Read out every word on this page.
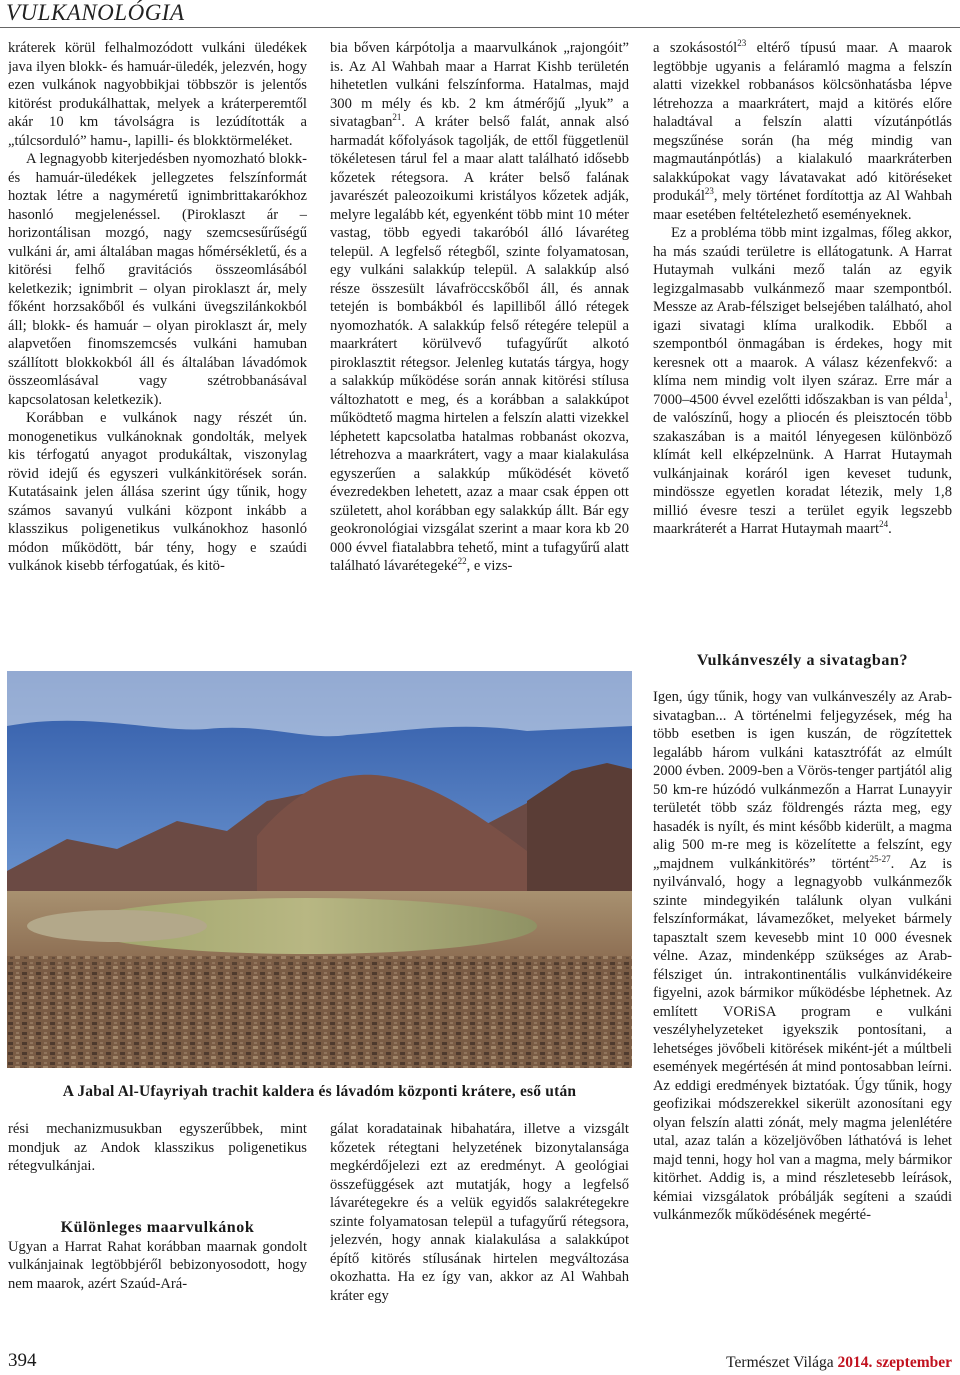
VULKANOLÓGIA

kráterek körül felhalmozódott vulkáni üledékek java ilyen blokk- és hamuár-üledék, jelezvén, hogy ezen vulkánok nagyobbikjai többször is jelentős kitörést produkálhattak, melyek a kráterperemtől akár 10 km távolságra is lezúdították a „túlcsorduló” hamu-, lapilli- és blokktörmeléket.

A legnagyobb kiterjedésben nyomozható blokk- és hamuár-üledékek jellegzetes felszínformát hoztak létre a nagyméretű ignimbrittakarókhoz hasonló megjelenéssel. (Piroklaszt ár – horizontálisan mozgó, nagy szemcsesűrűségű vulkáni ár, ami általában magas hőmérsékletű, és a kitörési felhő gravitációs összeomlásából keletkezik; ignimbrit – olyan piroklaszt ár, mely főként horzsakőből és vulkáni üvegszilánkokból áll; blokk- és hamuár – olyan piroklaszt ár, mely alapvetően finomszemcsés vulkáni hamuban szállított blokkokból áll és általában lávadómok összeomlásával vagy szétrobbanásával kapcsolatosan keletkezik).

Korábban e vulkánok nagy részét ún. monogenetikus vulkánoknak gondolták, melyek kis térfogatú anyagot produkáltak, viszonylag rövid idejű és egyszeri vulkánkitörések során. Kutatásaink jelen állása szerint úgy tűnik, hogy számos savanyú vulkáni központ inkább a klasszikus poligenetikus vulkánokhoz hasonló módon működött, bár tény, hogy e szaúdi vulkánok kisebb térfogatúak, és kitö-

bia bőven kárpótolja a maarvulkánok „rajongóit” is. Az Al Wahbah maar a Harrat Kishb területén hihetetlen vulkáni felszínforma. Hatalmas, majd 300 m mély és kb. 2 km átmérőjű „lyuk” a sivatagban$^{21}$. A kráter belső falát, annak alsó harmadát kőfolyások tagolják, de ettől függetlenül tökéletesen tárul fel a maar alatt található idősebb kőzetek rétegsora. A kráter belső falának javarészét paleozoikumi kristályos kőzetek adják, melyre legalább két, egyenként több mint 10 méter vastag, több egyedi takaróból álló lávaréteg települ. A legfelső rétegből, szinte folyamatosan, egy vulkáni salakkúp települ. A salakkúp alsó része összesült lávafröccskőből áll, és annak tetején is bombákból és lapilliből álló rétegek nyomozhatók. A salakkúp felső rétegére települ a maarkrátert körülvevő tufagyűrűt alkotó piroklasztit rétegsor. Jelenleg kutatás tárgya, hogy a salakkúp működése során annak kitörési stílusa változhatott e meg, és a korábban a salakkúpot működtető magma hirtelen a felszín alatti vizekkel léphetett kapcsolatba hatalmas robbanást okozva, létrehozva a maarkrátert, vagy a maar kialakulása egyszerűen a salakkúp működését követő évezredekben lehetett, azaz a maar csak éppen ott született, ahol korábban egy salakkúp állt. Bár egy geokronológiai vizsgálat szerint a maar kora kb 20 000 évvel fiatalabbra tehető, mint a tufagyűrű alatt található lávarétegeké$^{22}$, e vizs-

a szokásostól$^{23}$ eltérő típusú maar. A maarok legtöbbje ugyanis a feláramló magma a felszín alatti vizekkel robbanásos kölcsönhatásba lépve létrehozza a maarkrátert, majd a kitörés előre haladtával a felszín alatti vízutánpótlás megszűnése során (ha még mindig van magmautánpótlás) a kialakuló maarkráterben salakkúpokat vagy lávatavakat adó kitöréseket produkál$^{23}$, mely történet fordítottja az Al Wahbah maar esetében feltételezhető eseményeknek.

Ez a probléma több mint izgalmas, főleg akkor, ha más szaúdi területre is ellátogatunk. A Harrat Hutaymah vulkáni mező talán az egyik legizgalmasabb vulkánmező maar szempontból. Messze az Arab-félsziget belsejében található, ahol igazi sivatagi klíma uralkodik. Ebből a szempontból önmagában is érdekes, hogy mit keresnek ott a maarok. A válasz kézenfekvő: a klíma nem mindig volt ilyen száraz. Erre már a 7000–4500 évvel ezelőtti időszakban is van példa$^1$, de valószínű, hogy a pliocén és pleisztocén több szakaszában is a maitól lényegesen különböző klímát kell elképzelnünk. A Harrat Hutaymah vulkánjainak koráról igen keveset tudunk, mindössze egyetlen koradat létezik, mely 1,8 millió évesre teszi a terület egyik legszebb maarkráterét a Harrat Hutaymah maart$^{24}$.

Vulkánveszély a sivatagban?
A Jabal Al-Ufayriyah trachit kaldera és lávadóm központi krátere, eső után

rési mechanizmusukban egyszerűbbek, mint mondjuk az Andok klasszikus poligenetikus rétegvulkánjai.

Ugyan a Harrat Rahat korábban maarnak gondolt vulkánjainak legtöbbjéről bebizonyosodott, hogy nem maarok, azért Szaúd-Ará-

Különleges maarvulkánok

gálat koradatainak hibahatára, illetve a vizsgált kőzetek rétegtani helyzetének bizonytalansága megkérdőjelezi ezt az eredményt. A geológiai összefüggések azt mutatják, hogy a legfelső lávarétegekre és a velük egyidős salakrétegekre szinte folyamatosan települ a tufagyűrű rétegsora, jelezvén, hogy annak kialakulása a salakkúpot építő kitörés stílusának hirtelen megváltozása okozhatta. Ha ez így van, akkor az Al Wahbah kráter egy

Igen, úgy tűnik, hogy van vulkánveszély az Arab-sivatagban... A történelmi feljegyzések, még ha több esetben is igen kuszán, de rögzítettek legalább három vulkáni katasztrófát az elmúlt 2000 évben. 2009-ben a Vörös-tenger partjától alig 50 km-re húzódó vulkánmezőn a Harrat Lunayyir területét több száz földrengés rázta meg, egy hasadék is nyílt, és mint később kiderült, a magma alig 500 m-re meg is közelítette a felszínt, egy „majdnem vulkánkitörés” történt$^{25-27}$. Az is nyilvánvaló, hogy a legnagyobb vulkánmezők szinte mindegyikén találunk olyan vulkáni felszínformákat, lávamezőket, melyeket bármely tapasztalt szem kevesebb mint 10 000 évesnek vélne. Azaz, mindenképp szükséges az Arab-félsziget ún. intrakontinentális vulkánvidékeire figyelni, azok bármikor működésbe léphetnek. Az említett VORiSA program e vulkáni veszélyhelyzeteket igyekszik pontosítani, a lehetséges jövőbeli kitörések miként-jét a múltbeli események megértésén át mind pontosabban leírni. Az eddigi eredmények biztatóak. Úgy tűnik, hogy geofizikai módszerekkel sikerült azonosítani egy olyan felszín alatti zónát, mely magma jelenlétére utal, azaz talán a közeljövőben láthatóvá is lehet majd tenni, hogy hol van a magma, mely bármikor kitörhet. Addig is, a mind részletesebb leírások, kémiai vizsgálatok próbálják segíteni a szaúdi vulkánmezők működésének megérté-

394	Természet Világa 2014. szeptember
